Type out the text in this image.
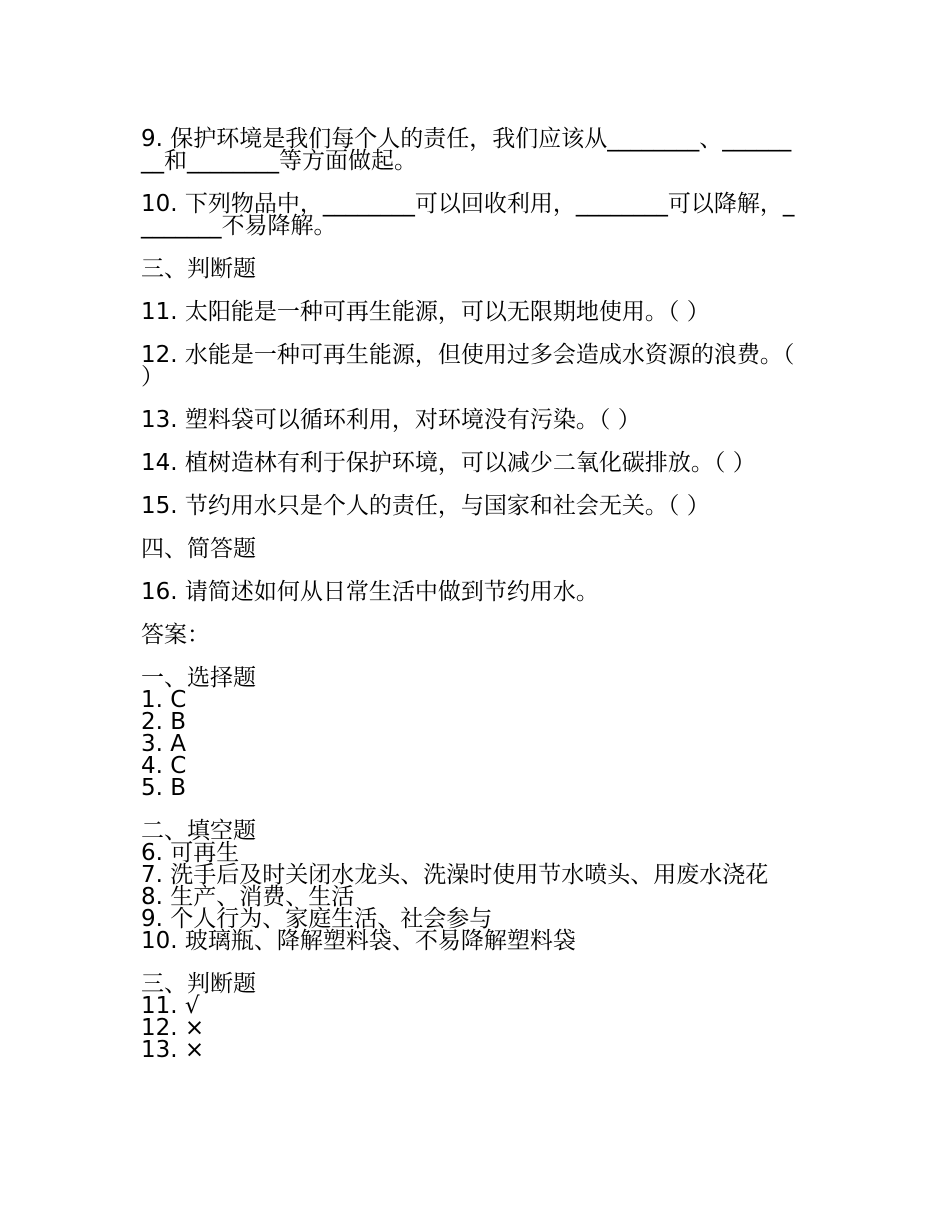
9. 保护环境是我们每个人的责任，我们应该从________、________和________等方面做起。

10. 下列物品中，________可以回收利用，________可以降解，________不易降解。

三、判断题

11. 太阳能是一种可再生能源，可以无限期地使用。（ ）

12. 水能是一种可再生能源，但使用过多会造成水资源的浪费。（ ）

13. 塑料袋可以循环利用，对环境没有污染。（ ）

14. 植树造林有利于保护环境，可以减少二氧化碳排放。（ ）

15. 节约用水只是个人的责任，与国家和社会无关。（ ）

四、简答题

16. 请简述如何从日常生活中做到节约用水。

答案：

一、选择题
1. C
2. B
3. A
4. C
5. B
二、填空题
6. 可再生
7. 洗手后及时关闭水龙头、洗澡时使用节水喷头、用废水浇花
8. 生产、消费、生活
9. 个人行为、家庭生活、社会参与
10. 玻璃瓶、降解塑料袋、不易降解塑料袋
三、判断题
11. √
12. ×
13. ×
